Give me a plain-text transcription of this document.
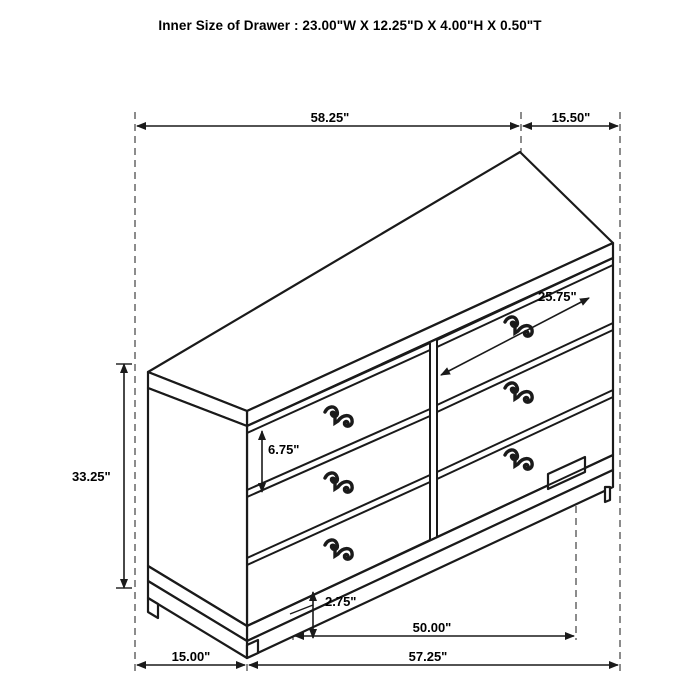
Inner Size of Drawer : 23.00"W X 12.25"D X 4.00"H X 0.50"T
58.25"	15.50"
33.25"
6.75"
25.75"
2.75"
50.00"
15.00"	57.25"
